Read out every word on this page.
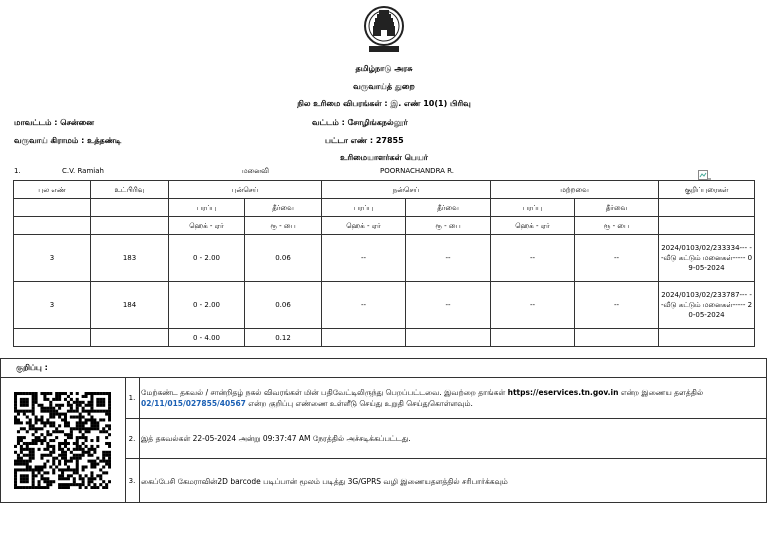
தமிழ்நாடு அரசு
வருவாய்த் துறை
நில உரிமை விபரங்கள் : இ. எண் 10(1) பிரிவு
மாவட்டம் : சென்னை	வட்டம் : சோழிங்கநல்லூர்
வருவாய் கிராமம் : உத்தண்டி	பட்டா எண் : 27855
உரிமையாளர்கள் பெயர்
1.	C.V. Ramiah	மனைவி	POORNACHANDRA R.
புல எண்	உட்பிரிவு	புன்செய்		நன்செய்		மற்றவை		குறிப்புரைகள்
		பரப்பு	தீர்வை	பரப்பு	தீர்வை	பரப்பு	தீர்வை	
		ஹெக் - ஏர்	ரூ - பை	ஹெக் - ஏர்	ரூ - பை	ஹெக் - ஏர்	ரூ - பை	
3	183	0 - 2.00	0.06	--	--	--	--	2024/0103/02/233334--- --வீடு கட்டும் மனைகள்----- 09-05-2024
3	184	0 - 2.00	0.06	--	--	--	--	2024/0103/02/233787--- --வீடு கட்டும் மனைகள்----- 20-05-2024
		0 - 4.00	0.12					
குறிப்பு :
1.
மேற்கண்ட தகவல் / சான்றிதழ் நகல் விவரங்கள் மின் பதிவேட்டிலிருந்து பெறப்பட்டவை. இவற்றை தாங்கள் https://eservices.tn.gov.in என்ற இணைய தளத்தில் 02/11/015/027855/40567 என்ற குறிப்பு எண்ணை உள்ளீடு செய்து உறுதி செய்துகொள்ளவும்.
2. இத் தகவல்கள் 22-05-2024 அன்று 09:37:47 AM நேரத்தில் அச்சடிக்கப்பட்டது.
3. கைப்பேசி கேமராவின்2D barcode படிப்பான் மூலம் படித்து 3G/GPRS வழி இணையதளத்தில் சரிபார்க்கவும்
